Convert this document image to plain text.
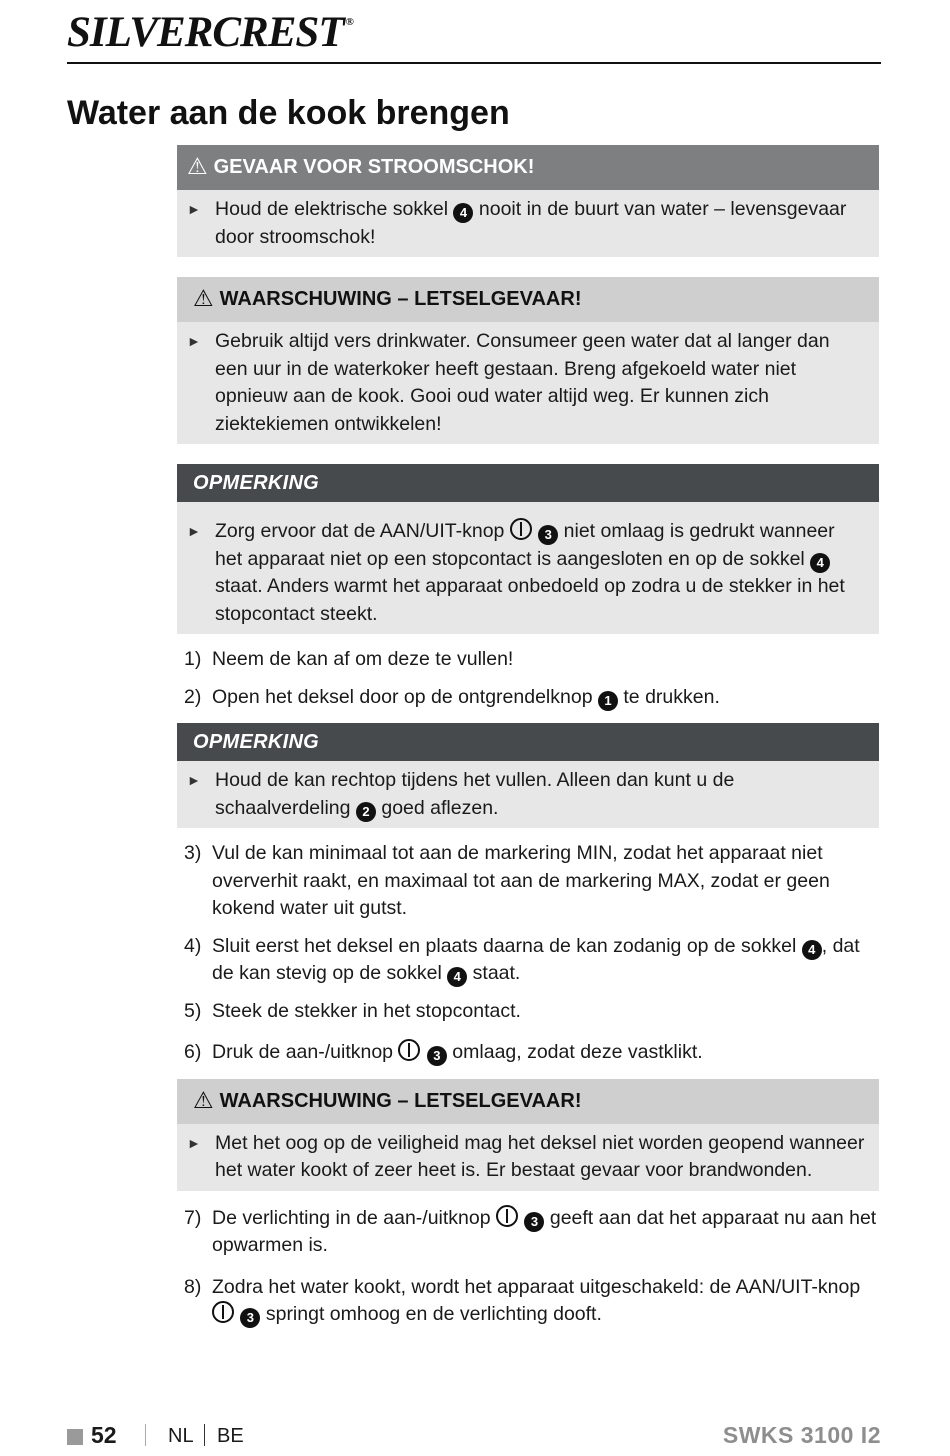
SILVERCREST ®
Water aan de kook brengen
⚠ GEVAAR VOOR STROOMSCHOK!
► Houd de elektrische sokkel 4 nooit in de buurt van water – levensgevaar door stroomschok!
⚠ WAARSCHUWING – LETSELGEVAAR!
► Gebruik altijd vers drinkwater. Consumeer geen water dat al langer dan een uur in de waterkoker heeft gestaan. Breng afgekoeld water niet opnieuw aan de kook. Gooi oud water altijd weg. Er kunnen zich ziektekiemen ontwikkelen!
OPMERKING
► Zorg ervoor dat de AAN/UIT-knop	3 niet omlaag is gedrukt wanneer het apparaat niet op een stopcontact is aangesloten en op de sokkel 4 staat. Anders warmt het apparaat onbedoeld op zodra u de stekker in het stopcontact steekt.
1) Neem de kan af om deze te vullen!
2) Open het deksel door op de ontgrendelknop 1 te drukken.
OPMERKING
► Houd de kan rechtop tijdens het vullen. Alleen dan kunt u de schaalverdeling 2 goed aflezen.
3) Vul de kan minimaal tot aan de markering MIN, zodat het apparaat niet oververhit raakt, en maximaal tot aan de markering MAX, zodat er geen kokend water uit gutst.
4) Sluit eerst het deksel en plaats daarna de kan zodanig op de sokkel 4 , dat de kan stevig op de sokkel 4 staat.
5) Steek de stekker in het stopcontact.
6) Druk de aan-/uitknop	3 omlaag, zodat deze vastklikt.
⚠ WAARSCHUWING – LETSELGEVAAR!
► Met het oog op de veiligheid mag het deksel niet worden geopend wanneer het water kookt of zeer heet is. Er bestaat gevaar voor brandwonden.
7) De verlichting in de aan-/uitknop	3 geeft aan dat het apparaat nu aan het opwarmen is.
8) Zodra het water kookt, wordt het apparaat uitgeschakeld: de AAN/UIT-knop  3 springt omhoog en de verlichting dooft.
52	NL BE	SWKS 3100 I2
